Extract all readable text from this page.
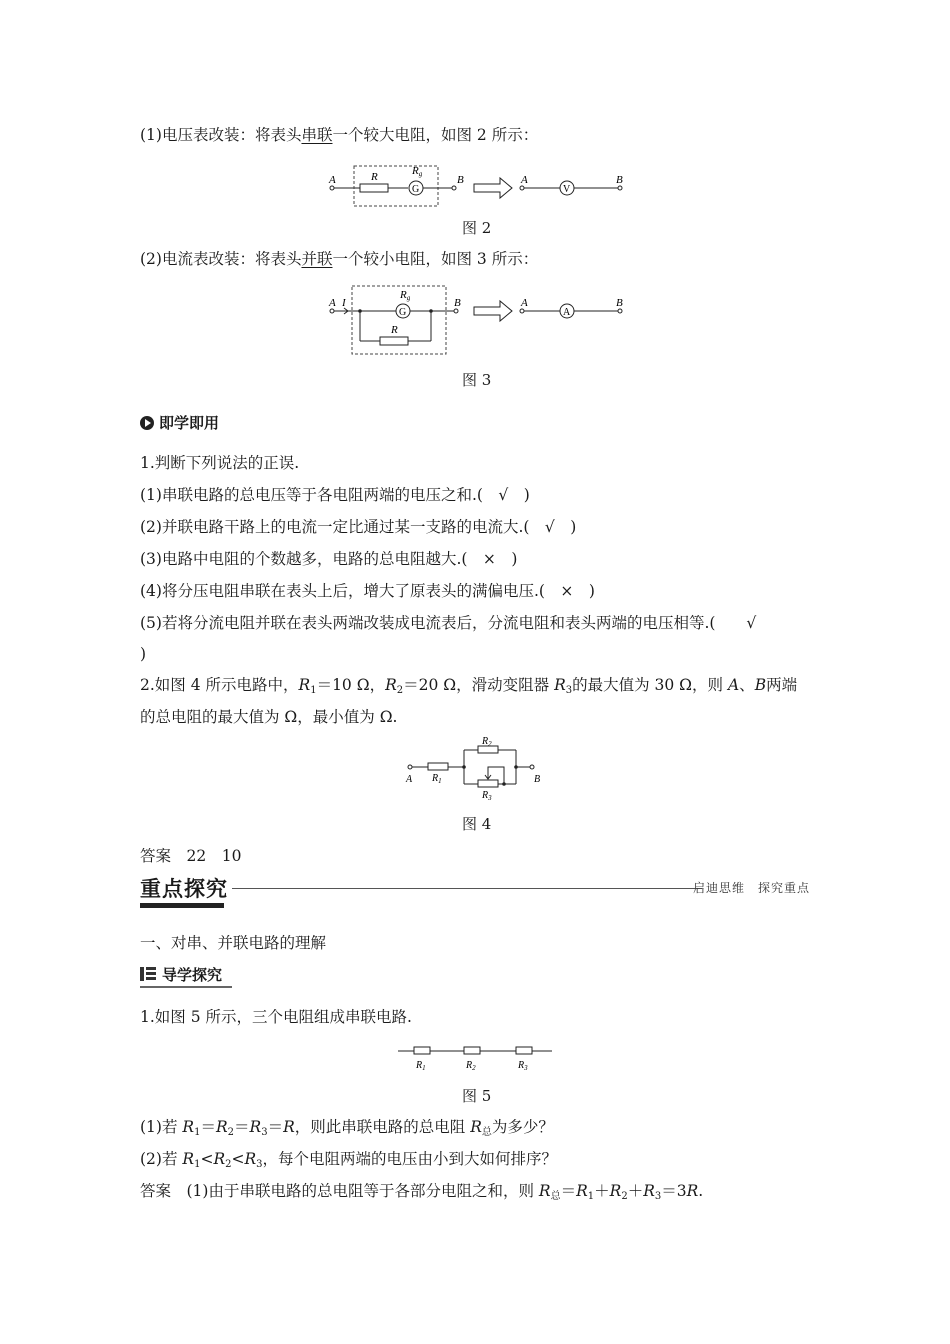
(1)电压表改装：将表头串联一个较大电阻，如图 2 所示：
A	R	Rg
G
B
V
A	B
图 2
(2)电流表改装：将表头并联一个较小电阻，如图 3 所示：
A I
Rg
G
R
B
A
A	B
图 3
即学即用
1.判断下列说法的正误.
(1)串联电路的总电压等于各电阻两端的电压之和.(　√　)
(2)并联电路干路上的电流一定比通过某一支路的电流大.(　√　)
(3)电路中电阻的个数越多，电路的总电阻越大.(　×　)
(4)将分压电阻串联在表头上后，增大了原表头的满偏电压.(　×　)
(5)若将分流电阻并联在表头两端改装成电流表后，分流电阻和表头两端的电压相等.(　　√
)
2.如图 4 所示电路中，$R_1=10$ Ω，$R_2=20$ Ω，滑动变阻器 $R_3$的最大值为 30 Ω，则 A、B两端
的总电阻的最大值为 Ω，最小值为 Ω.
A	B
$R_1$
$R_2$
$R_3$
图 4
答案　22　10
重点探究	启迪思维　探究重点
一、对串、并联电路的理解
导学探究
1.如图 5 所示，三个电阻组成串联电路.
$R_1$	$R_2$	$R_3$
图 5
(1)若 $R_1=R_2=R_3=R$，则此串联电路的总电阻 $R_总$为多少？
(2)若 $R_1<R_2<R_3$，每个电阻两端的电压由小到大如何排序？
答案　(1)由于串联电路的总电阻等于各部分电阻之和，则 $R_总=R_1+R_2+R_3=3R$.
